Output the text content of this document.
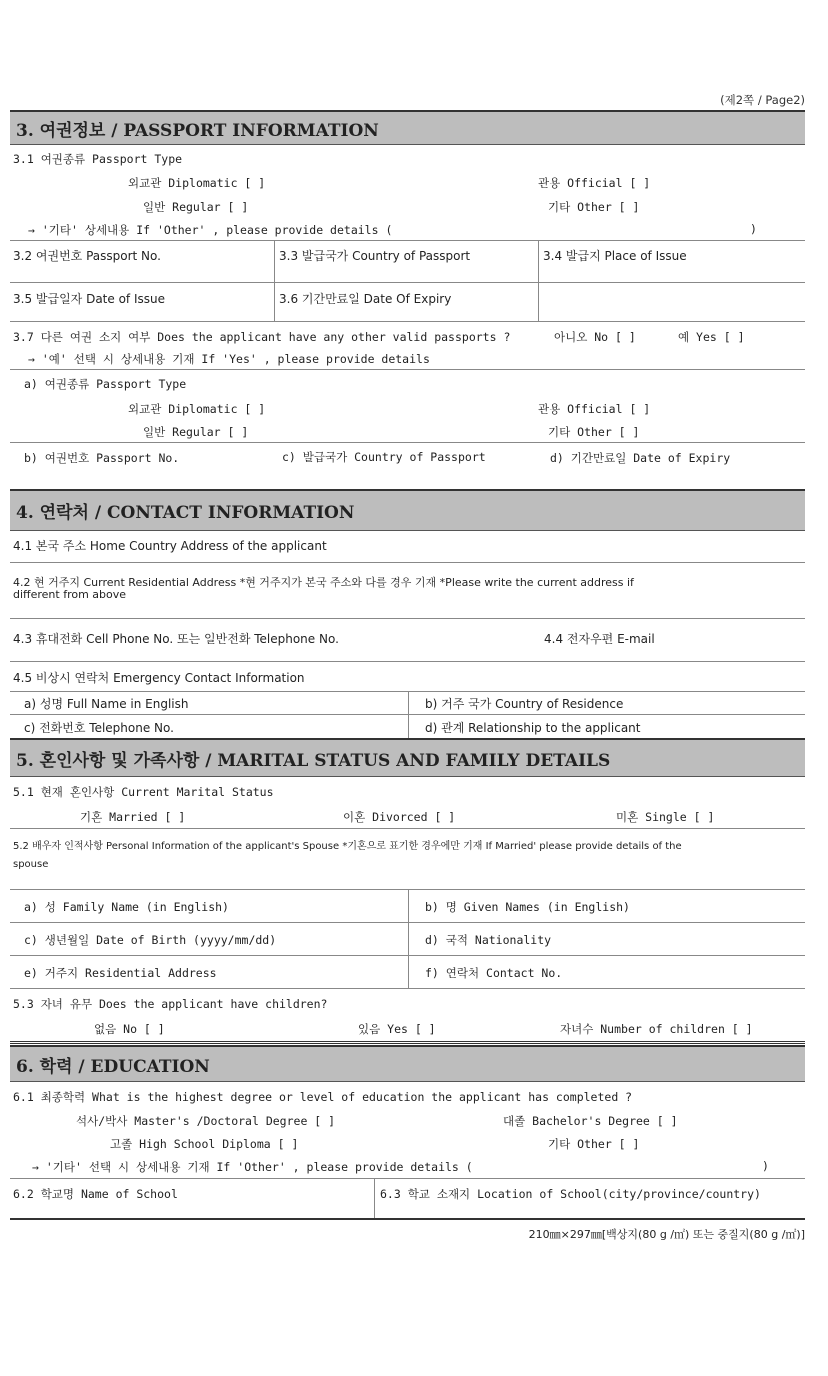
(제2쪽 / Page2)
3. 여권정보 / PASSPORT INFORMATION
3.1 여권종류 Passport Type
외교관 Diplomatic [ ]	관용 Official [ ]
일반 Regular [ ]	기타 Other [ ]
→ '기타' 상세내용 If 'Other' , please provide details (	)
3.2 여권번호 Passport No.	3.3 발급국가 Country of Passport	3.4 발급지 Place of Issue
3.5 발급일자 Date of Issue	3.6 기간만료일 Date Of Expiry
3.7 다른 여권 소지 여부 Does the applicant have any other valid passports ?	아니오 No [ ]	예 Yes [ ]
→ '예' 선택 시 상세내용 기재 If 'Yes' , please provide details
a) 여권종류 Passport Type
외교관 Diplomatic [ ]	관용 Official [ ]
일반 Regular [ ]	기타 Other [ ]
b) 여권번호 Passport No.	c) 발급국가 Country of Passport	d) 기간만료일 Date of Expiry
4. 연락처 / CONTACT INFORMATION
4.1 본국 주소 Home Country Address of the applicant
4.2 현 거주지 Current Residential Address *현 거주지가 본국 주소와 다를 경우 기재 *Please write the current address if
different from above
4.3 휴대전화 Cell Phone No. 또는 일반전화 Telephone No.	4.4 전자우편 E-mail
4.5 비상시 연락처 Emergency Contact Information
a) 성명 Full Name in English	b) 거주 국가 Country of Residence
c) 전화번호 Telephone No.	d) 관계 Relationship to the applicant
5. 혼인사항 및 가족사항 / MARITAL STATUS AND FAMILY DETAILS
5.1 현재 혼인사항 Current Marital Status
기혼 Married [ ]	이혼 Divorced [ ]	미혼 Single [ ]
5.2 배우자 인적사항 Personal Information of the applicant's Spouse *기혼으로 표기한 경우에만 기재 If Married' please provide details of the
spouse
a) 성 Family Name (in English)	b) 명 Given Names (in English)
c) 생년월일 Date of Birth (yyyy/mm/dd)	d) 국적 Nationality
e) 거주지 Residential Address	f) 연락처 Contact No.
5.3 자녀 유무 Does the applicant have children?
없음 No [ ]	있음 Yes [ ]	자녀수 Number of children [ ]
6. 학력 / EDUCATION
6.1 최종학력 What is the highest degree or level of education the applicant has completed ?
석사/박사 Master's /Doctoral Degree [ ]	대졸 Bachelor's Degree [ ]
고졸 High School Diploma [ ]	기타 Other [ ]
→ '기타' 선택 시 상세내용 기재 If 'Other' , please provide details (	)
6.2 학교명 Name of School	6.3 학교 소재지 Location of School(city/province/country)
210㎜×297㎜[백상지(80 g /㎡) 또는 중질지(80 g /㎡)]
